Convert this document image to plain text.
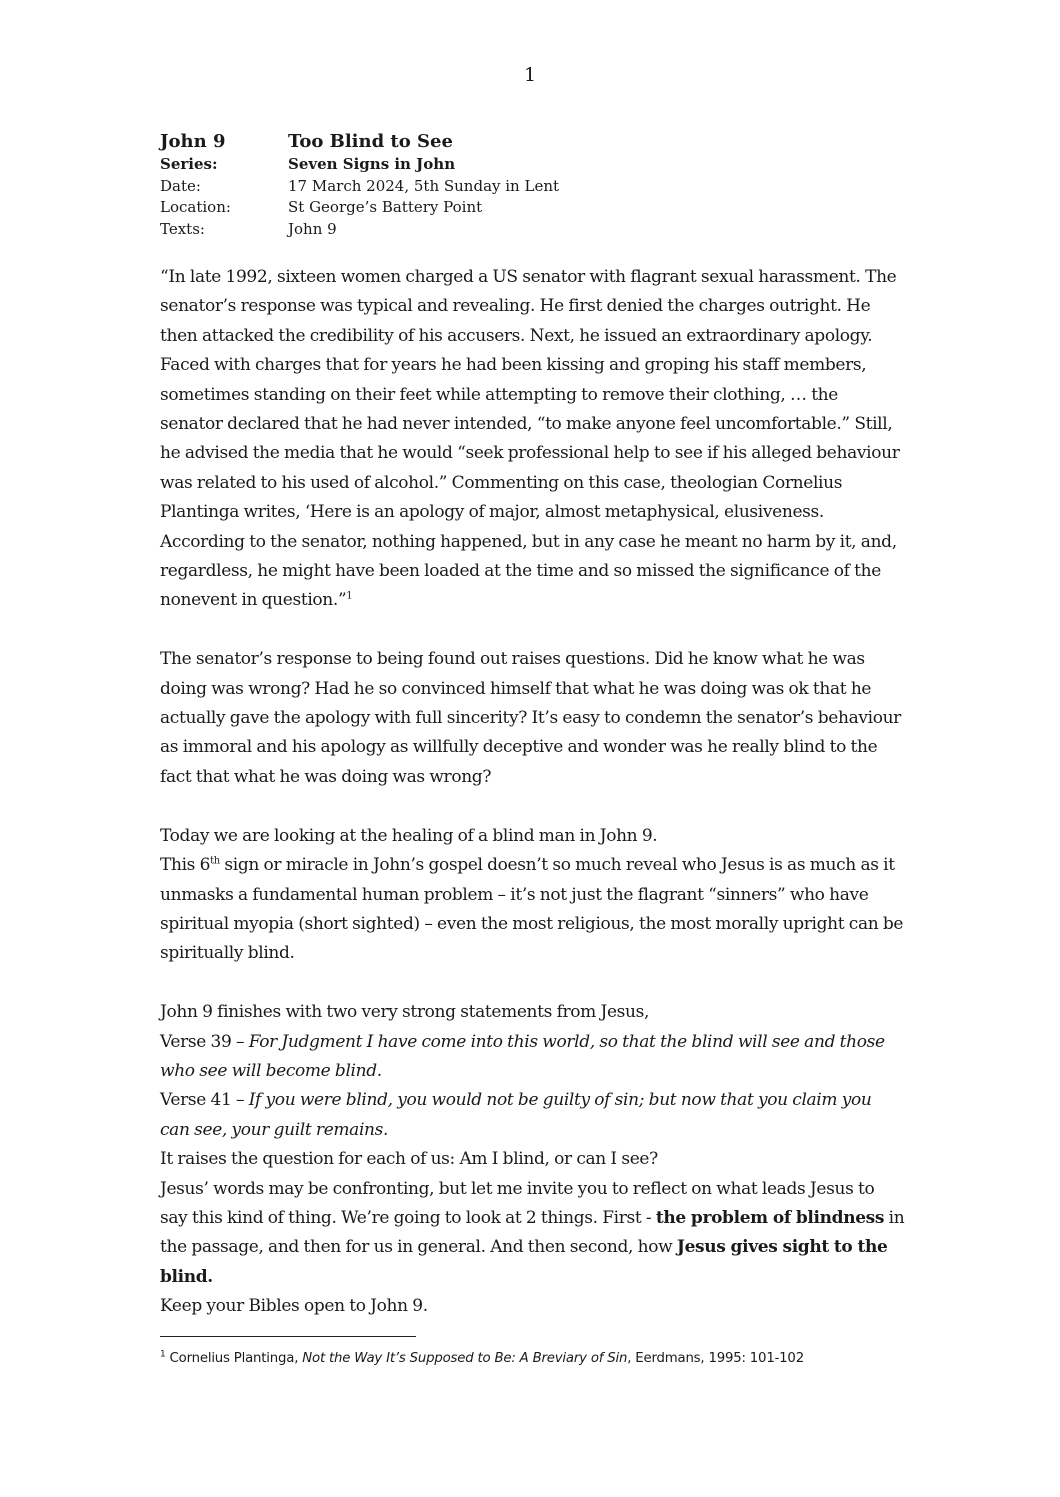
1
John 9	Too Blind to See
Series:	Seven Signs in John
Date:	17 March 2024, 5th Sunday in Lent
Location:	St George’s Battery Point
Texts:	John 9

“In late 1992, sixteen women charged a US senator with flagrant sexual harassment. The senator’s response was typical and revealing. He first denied the charges outright. He then attacked the credibility of his accusers. Next, he issued an extraordinary apology. Faced with charges that for years he had been kissing and groping his staff members, sometimes standing on their feet while attempting to remove their clothing, … the senator declared that he had never intended, “to make anyone feel uncomfortable.” Still, he advised the media that he would “seek professional help to see if his alleged behaviour was related to his used of alcohol.” Commenting on this case, theologian Cornelius Plantinga writes, ‘Here is an apology of major, almost metaphysical, elusiveness. According to the senator, nothing happened, but in any case he meant no harm by it, and, regardless, he might have been loaded at the time and so missed the significance of the nonevent in question.”$^1$

The senator’s response to being found out raises questions. Did he know what he was doing was wrong? Had he so convinced himself that what he was doing was ok that he actually gave the apology with full sincerity? It’s easy to condemn the senator’s behaviour as immoral and his apology as willfully deceptive and wonder was he really blind to the fact that what he was doing was wrong?

Today we are looking at the healing of a blind man in John 9.

This 6th sign or miracle in John’s gospel doesn’t so much reveal who Jesus is as much as it unmasks a fundamental human problem – it’s not just the flagrant “sinners” who have spiritual myopia (short sighted) – even the most religious, the most morally upright can be spiritually blind.

John 9 finishes with two very strong statements from Jesus,

Verse 39 – For Judgment I have come into this world, so that the blind will see and those who see will become blind.

Verse 41 – If you were blind, you would not be guilty of sin; but now that you claim you can see, your guilt remains.

It raises the question for each of us: Am I blind, or can I see?

Jesus’ words may be confronting, but let me invite you to reflect on what leads Jesus to say this kind of thing. We’re going to look at 2 things. First - the problem of blindness in the passage, and then for us in general. And then second, how Jesus gives sight to the blind.

Keep your Bibles open to John 9.

$^1$ Cornelius Plantinga, Not the Way It’s Supposed to Be: A Breviary of Sin, Eerdmans, 1995: 101-102
